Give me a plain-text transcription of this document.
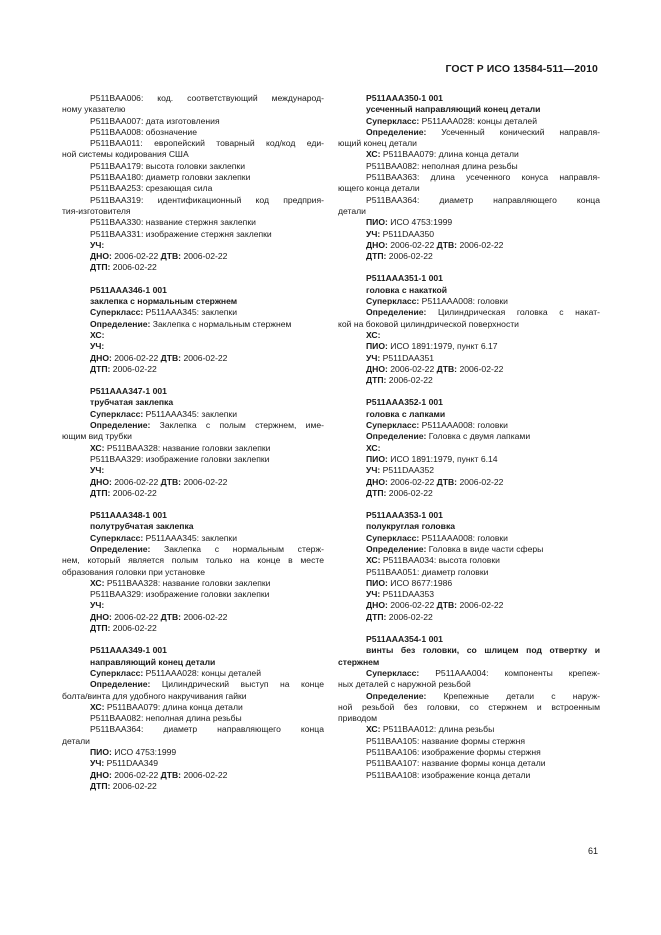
ГОСТ Р ИСО 13584-511—2010
P511BAA006: код. соответствующий международ-
ному указателю
P511BAA007: дата изготовления
P511BAA008: обозначение
P511BAA011: европейский товарный код/код еди-
ной системы кодирования США
P511BAA179: высота головки заклепки
P511BAA180: диаметр головки заклепки
P511BAA253: срезающая сила
P511BAA319: идентификационный код предприя-
тия-изготовителя
P511BAA330: название стержня заклепки
P511BAA331: изображение стержня заклепки
УЧ:
ДНО: 2006-02-22 ДТВ: 2006-02-22
ДТП: 2006-02-22
P511AAA346-1 001
заклепка с нормальным стержнем
Суперкласс: P511AAA345: заклепки
Определение: Заклепка с нормальным стержнем
ХС:
УЧ:
ДНО: 2006-02-22 ДТВ: 2006-02-22
ДТП: 2006-02-22
P511AAA347-1 001
трубчатая заклепка
Суперкласс: P511AAA345: заклепки
Определение: Заклепка с полым стержнем, име-
ющим вид трубки
ХС: P511BAA328: название головки заклепки
P511BAA329: изображение головки заклепки
УЧ:
ДНО: 2006-02-22 ДТВ: 2006-02-22
ДТП: 2006-02-22
P511AAA348-1 001
полутрубчатая заклепка
Суперкласс: P511AAA345: заклепки
Определение: Заклепка с нормальным стерж-
нем, который является полым только на конце в месте
образования головки при установке
ХС: P511BAA328: название головки заклепки
P511BAA329: изображение головки заклепки
УЧ:
ДНО: 2006-02-22 ДТВ: 2006-02-22
ДТП: 2006-02-22
P511AAA349-1 001
направляющий конец детали
Суперкласс: P511AAA028: концы деталей
Определение: Цилиндрический выступ на конце
болта/винта для удобного накручивания гайки
ХС: P511BAA079: длина конца детали
P511BAA082: неполная длина резьбы
P511BAA364: диаметр направляющего конца
детали
ПИО: ИСО 4753:1999
УЧ: P511DAA349
ДНО: 2006-02-22 ДТВ: 2006-02-22
ДТП: 2006-02-22
P511AAA350-1 001
усеченный направляющий конец детали
Суперкласс: P511AAA028: концы деталей
Определение: Усеченный конический направля-
ющий конец детали
ХС: P511BAA079: длина конца детали
P511BAA082: неполная длина резьбы
P511BAA363: длина усеченного конуса направля-
ющего конца детали
P511BAA364: диаметр направляющего конца
детали
ПИО: ИСО 4753:1999
УЧ: P511DAA350
ДНО: 2006-02-22 ДТВ: 2006-02-22
ДТП: 2006-02-22
P511AAA351-1 001
головка с накаткой
Суперкласс: P511AAA008: головки
Определение: Цилиндрическая головка с накат-
кой на боковой цилиндрической поверхности
ХС:
ПИО: ИСО 1891:1979, пункт 6.17
УЧ: P511DAA351
ДНО: 2006-02-22 ДТВ: 2006-02-22
ДТП: 2006-02-22
P511AAA352-1 001
головка с лапками
Суперкласс: P511AAA008: головки
Определение: Головка с двумя лапками
ХС:
ПИО: ИСО 1891:1979, пункт 6.14
УЧ: P511DAA352
ДНО: 2006-02-22 ДТВ: 2006-02-22
ДТП: 2006-02-22
P511AAA353-1 001
полукруглая головка
Суперкласс: P511AAA008: головки
Определение: Головка в виде части сферы
ХС: P511BAA034: высота головки
P511BAA051: диаметр головки
ПИО: ИСО 8677:1986
УЧ: P511DAA353
ДНО: 2006-02-22 ДТВ: 2006-02-22
ДТП: 2006-02-22
P511AAA354-1 001
винты без головки, со шлицем под отвертку и
стержнем
Суперкласс: P511AAA004: компоненты крепеж-
ных деталей с наружной резьбой
Определение: Крепежные детали с наруж-
ной резьбой без головки, со стержнем и встроенным
приводом
ХС: P511BAA012: длина резьбы
P511BAA105: название формы стержня
P511BAA106: изображение формы стержня
P511BAA107: название формы конца детали
P511BAA108: изображение конца детали
61
